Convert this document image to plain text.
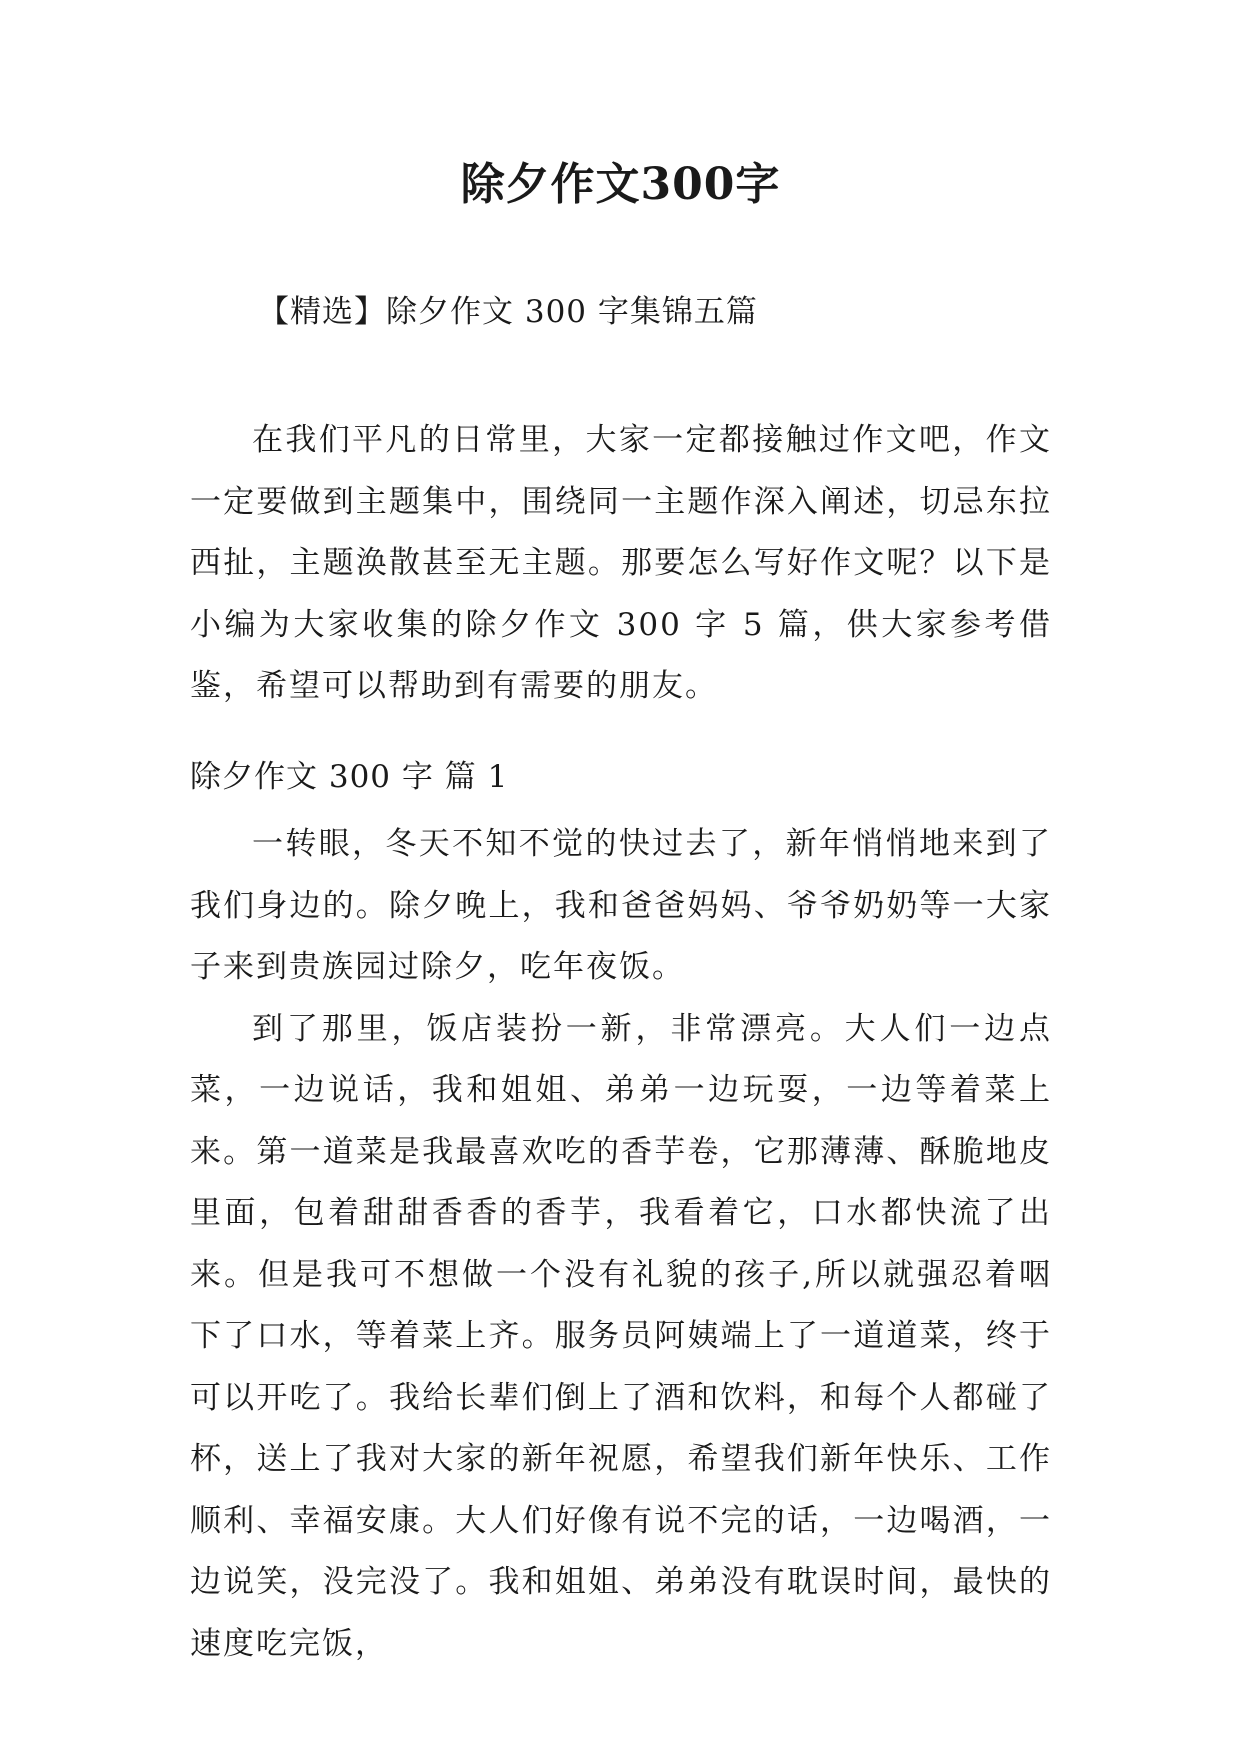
除夕作文300字
【精选】除夕作文 300 字集锦五篇

在我们平凡的日常里，大家一定都接触过作文吧，作文一定要做到主题集中，围绕同一主题作深入阐述，切忌东拉西扯，主题涣散甚至无主题。那要怎么写好作文呢？以下是小编为大家收集的除夕作文 300 字 5 篇，供大家参考借鉴，希望可以帮助到有需要的朋友。

除夕作文 300 字 篇 1

一转眼，冬天不知不觉的快过去了，新年悄悄地来到了我们身边的。除夕晚上，我和爸爸妈妈、爷爷奶奶等一大家子来到贵族园过除夕，吃年夜饭。

到了那里，饭店装扮一新，非常漂亮。大人们一边点菜，一边说话，我和姐姐、弟弟一边玩耍，一边等着菜上来。第一道菜是我最喜欢吃的香芋卷，它那薄薄、酥脆地皮里面，包着甜甜香香的香芋，我看着它，口水都快流了出来。但是我可不想做一个没有礼貌的孩子,所以就强忍着咽下了口水，等着菜上齐。服务员阿姨端上了一道道菜，终于可以开吃了。我给长辈们倒上了酒和饮料，和每个人都碰了杯，送上了我对大家的新年祝愿，希望我们新年快乐、工作顺利、幸福安康。大人们好像有说不完的话，一边喝酒，一边说笑，没完没了。我和姐姐、弟弟没有耽误时间，最快的速度吃完饭，
